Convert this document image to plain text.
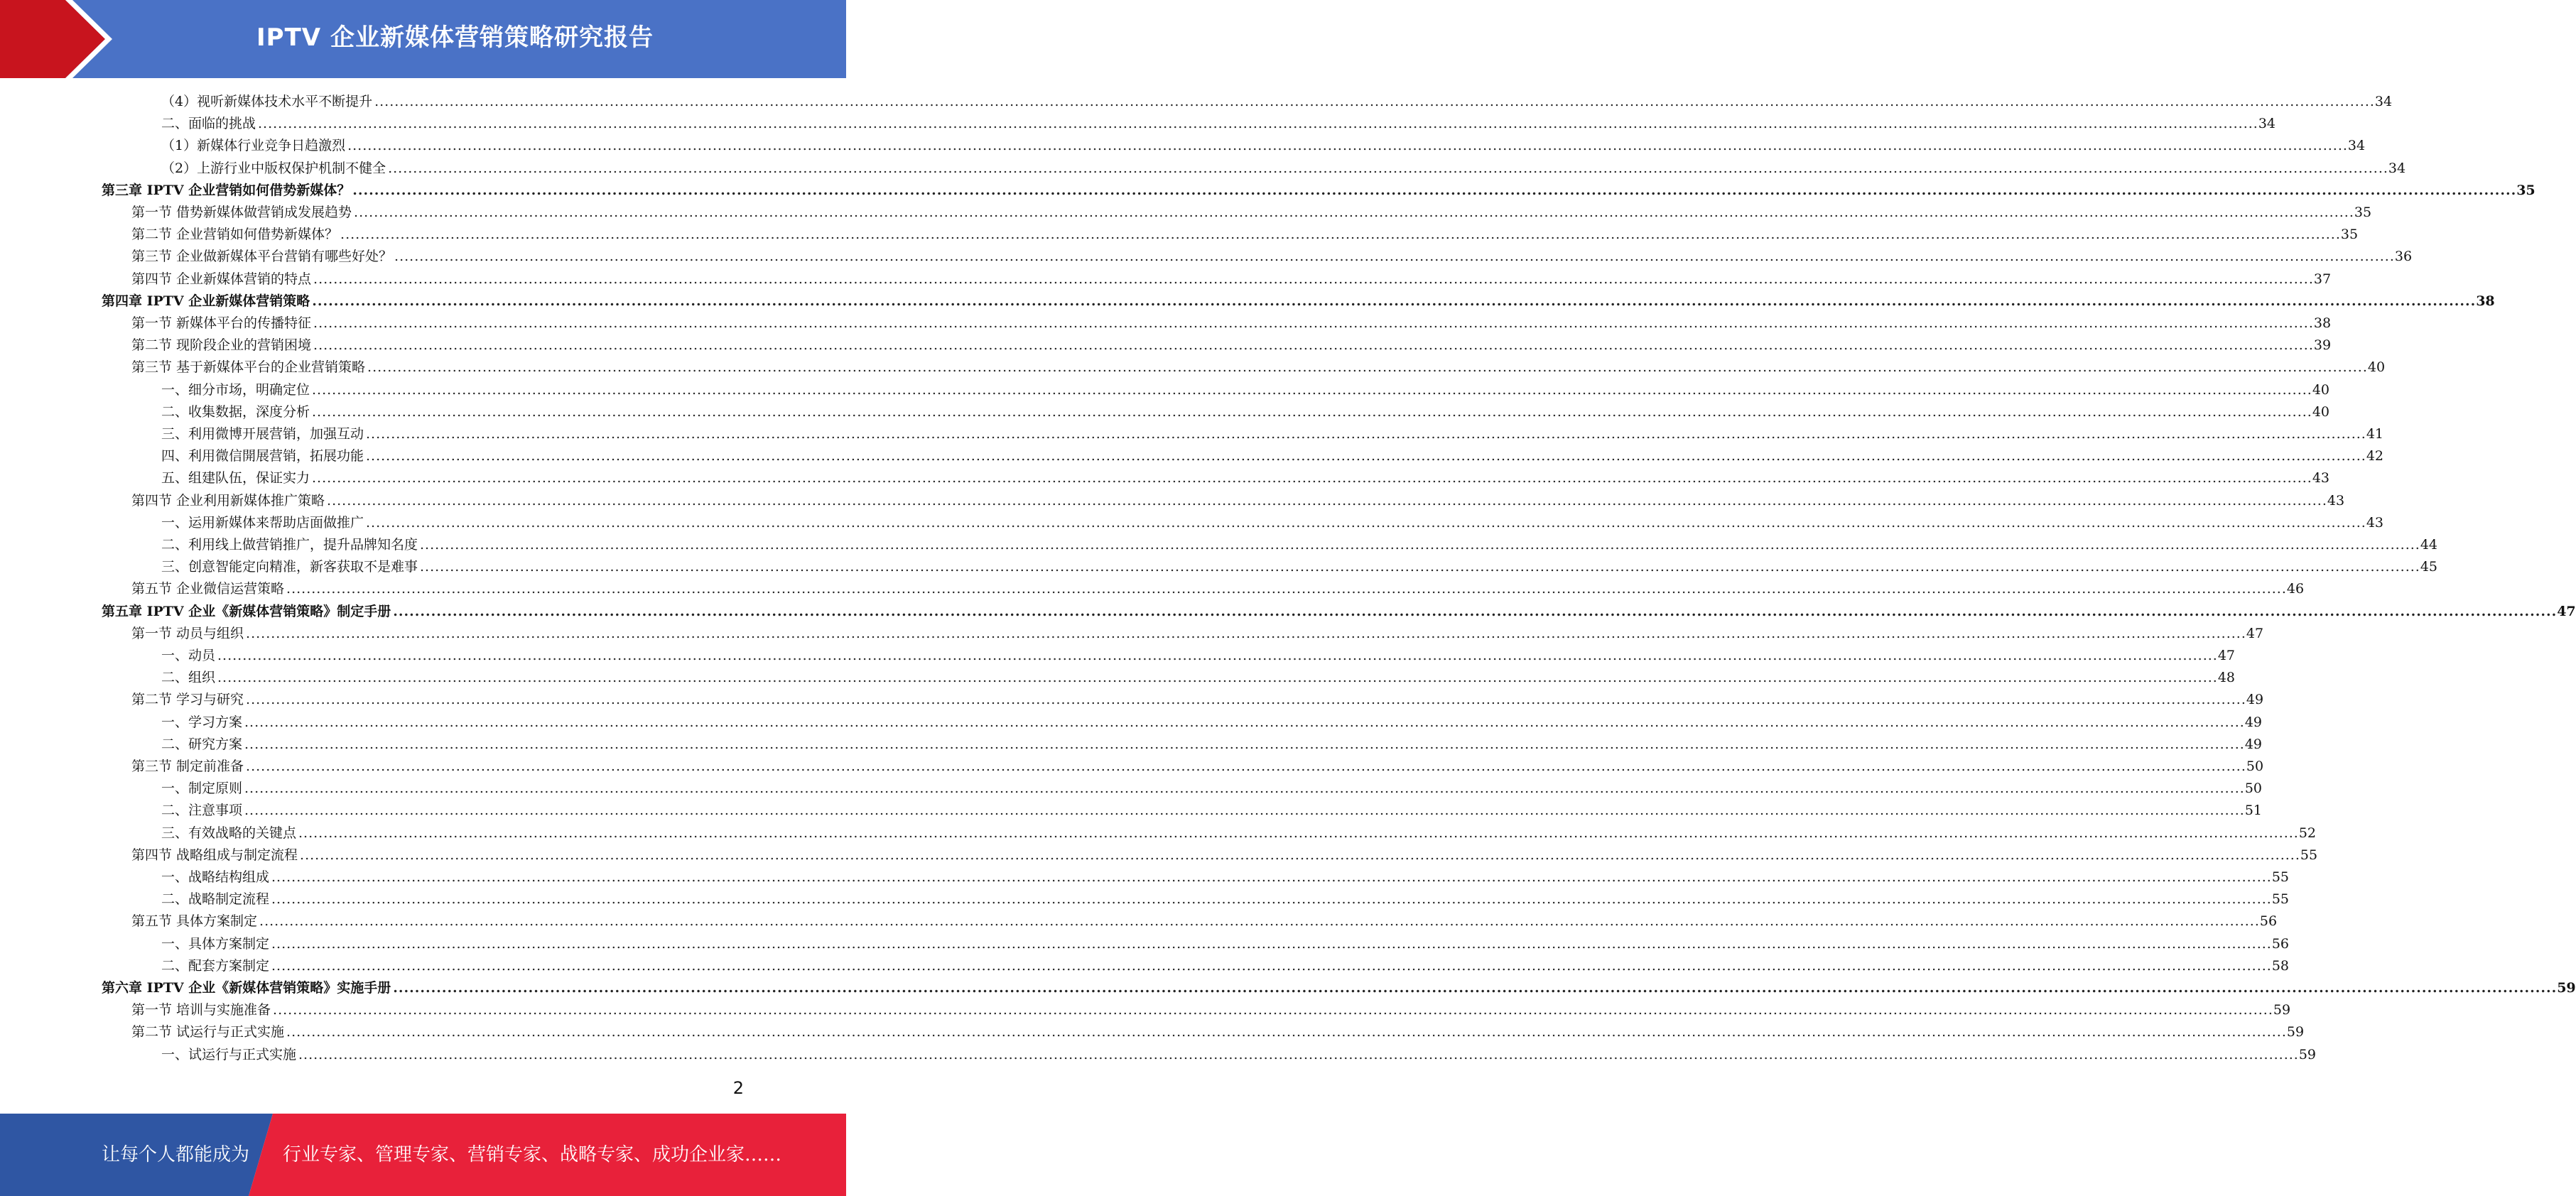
IPTV 企业新媒体营销策略研究报告
（4）视听新媒体技术水平不断提升 ................................................................................................................................................................................................................................................................................................................................................................................................................ 34
二、面临的挑战 ................................................................................................................................................................................................................................................................................................................................................................................................................ 34
（1）新媒体行业竞争日趋激烈 ................................................................................................................................................................................................................................................................................................................................................................................................................ 34
（2）上游行业中版权保护机制不健全 ................................................................................................................................................................................................................................................................................................................................................................................................................ 34
第三章 IPTV 企业营销如何借势新媒体？ ................................................................................................................................................................................................................................................................................................................................................................................................................ 35
第一节 借势新媒体做营销成发展趋势 ................................................................................................................................................................................................................................................................................................................................................................................................................ 35
第二节 企业营销如何借势新媒体？ ................................................................................................................................................................................................................................................................................................................................................................................................................ 35
第三节 企业做新媒体平台营销有哪些好处？ ................................................................................................................................................................................................................................................................................................................................................................................................................ 36
第四节 企业新媒体营销的特点 ................................................................................................................................................................................................................................................................................................................................................................................................................ 37
第四章 IPTV 企业新媒体营销策略 ................................................................................................................................................................................................................................................................................................................................................................................................................ 38
第一节 新媒体平台的传播特征 ................................................................................................................................................................................................................................................................................................................................................................................................................ 38
第二节 现阶段企业的营销困境 ................................................................................................................................................................................................................................................................................................................................................................................................................ 39
第三节 基于新媒体平台的企业营销策略 ................................................................................................................................................................................................................................................................................................................................................................................................................ 40
一、细分市场，明确定位 ................................................................................................................................................................................................................................................................................................................................................................................................................ 40
二、收集数据，深度分析 ................................................................................................................................................................................................................................................................................................................................................................................................................ 40
三、利用微博开展营销，加强互动 ................................................................................................................................................................................................................................................................................................................................................................................................................ 41
四、利用微信開展营销，拓展功能 ................................................................................................................................................................................................................................................................................................................................................................................................................ 42
五、组建队伍，保证实力 ................................................................................................................................................................................................................................................................................................................................................................................................................ 43
第四节 企业利用新媒体推广策略 ................................................................................................................................................................................................................................................................................................................................................................................................................ 43
一、运用新媒体来帮助店面做推广 ................................................................................................................................................................................................................................................................................................................................................................................................................ 43
二、利用线上做营销推广，提升品牌知名度 ................................................................................................................................................................................................................................................................................................................................................................................................................ 44
三、创意智能定向精准，新客获取不是难事 ................................................................................................................................................................................................................................................................................................................................................................................................................ 45
第五节 企业微信运营策略 ................................................................................................................................................................................................................................................................................................................................................................................................................ 46
第五章 IPTV 企业《新媒体营销策略》制定手册 ................................................................................................................................................................................................................................................................................................................................................................................................................ 47
第一节 动员与组织 ................................................................................................................................................................................................................................................................................................................................................................................................................ 47
一、动员 ................................................................................................................................................................................................................................................................................................................................................................................................................ 47
二、组织 ................................................................................................................................................................................................................................................................................................................................................................................................................ 48
第二节 学习与研究 ................................................................................................................................................................................................................................................................................................................................................................................................................ 49
一、学习方案 ................................................................................................................................................................................................................................................................................................................................................................................................................ 49
二、研究方案 ................................................................................................................................................................................................................................................................................................................................................................................................................ 49
第三节 制定前准备 ................................................................................................................................................................................................................................................................................................................................................................................................................ 50
一、制定原则 ................................................................................................................................................................................................................................................................................................................................................................................................................ 50
二、注意事项 ................................................................................................................................................................................................................................................................................................................................................................................................................ 51
三、有效战略的关键点 ................................................................................................................................................................................................................................................................................................................................................................................................................ 52
第四节 战略组成与制定流程 ................................................................................................................................................................................................................................................................................................................................................................................................................ 55
一、战略结构组成 ................................................................................................................................................................................................................................................................................................................................................................................................................ 55
二、战略制定流程 ................................................................................................................................................................................................................................................................................................................................................................................................................ 55
第五节 具体方案制定 ................................................................................................................................................................................................................................................................................................................................................................................................................ 56
一、具体方案制定 ................................................................................................................................................................................................................................................................................................................................................................................................................ 56
二、配套方案制定 ................................................................................................................................................................................................................................................................................................................................................................................................................ 58
第六章 IPTV 企业《新媒体营销策略》实施手册 ................................................................................................................................................................................................................................................................................................................................................................................................................ 59
第一节 培训与实施准备 ................................................................................................................................................................................................................................................................................................................................................................................................................ 59
第二节 试运行与正式实施 ................................................................................................................................................................................................................................................................................................................................................................................................................ 59
一、试运行与正式实施 ................................................................................................................................................................................................................................................................................................................................................................................................................ 59
2
让每个人都能成为 行业专家、管理专家、营销专家、战略专家、成功企业家……
